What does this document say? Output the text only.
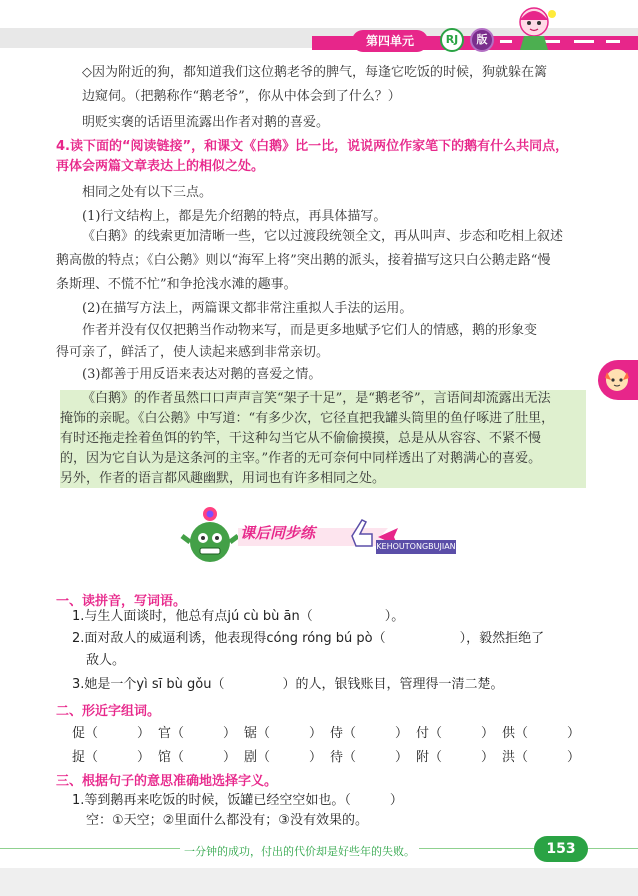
第四单元	RJ	版
◇因为附近的狗，都知道我们这位鹅老爷的脾气，每逢它吃饭的时候，狗就躲在篱
边窥伺。（把鹅称作“鹅老爷”，你从中体会到了什么？）
明贬实褒的话语里流露出作者对鹅的喜爱。
4.读下面的“阅读链接”，和课文《白鹅》比一比，说说两位作家笔下的鹅有什么共同点，
再体会两篇文章表达上的相似之处。
相同之处有以下三点。
(1)行文结构上，都是先介绍鹅的特点，再具体描写。
《白鹅》的线索更加清晰一些，它以过渡段统领全文，再从叫声、步态和吃相上叙述
鹅高傲的特点；《白公鹅》则以“海军上将”突出鹅的派头，接着描写这只白公鹅走路“慢
条斯理、不慌不忙”和争抢浅水滩的趣事。
(2)在描写方法上，两篇课文都非常注重拟人手法的运用。
作者并没有仅仅把鹅当作动物来写，而是更多地赋予它们人的情感，鹅的形象变
得可亲了，鲜活了，使人读起来感到非常亲切。
(3)都善于用反语来表达对鹅的喜爱之情。
《白鹅》的作者虽然口口声声言笑“架子十足”，是“鹅老爷”，言语间却流露出无法
掩饰的亲昵。《白公鹅》中写道：“有多少次，它径直把我罐头筒里的鱼仔啄进了肚里，
有时还拖走拴着鱼饵的钓竿，干这种勾当它从不偷偷摸摸，总是从从容容、不紧不慢
的，因为它自认为是这条河的主宰。”作者的无可奈何中同样透出了对鹅满心的喜爱。
另外，作者的语言都风趣幽默，用词也有许多相同之处。
课后同步练
KEHOUTONGBUJIAN
一、读拼音，写词语。
1.与生人面谈时，他总有点jú cù bù ān（	）。
2.面对敌人的威逼利诱，他表现得cóng róng bú pò（	），毅然拒绝了
敌人。
3.她是一个yì sī bù gǒu（	）的人，银钱账目，管理得一清二楚。
二、形近字组词。
促（　　　） 官（　　　） 锯（　　　） 侍（　　　） 付（　　　） 供（　　　）
捉（　　　） 馆（　　　） 剧（　　　） 待（　　　） 附（　　　） 洪（　　　）
三、根据句子的意思准确地选择字义。
1.等到鹅再来吃饭的时候，饭罐已经空空如也。（　　　）
空：①天空；②里面什么都没有；③没有效果的。
一分钟的成功，付出的代价却是好些年的失败。	153
